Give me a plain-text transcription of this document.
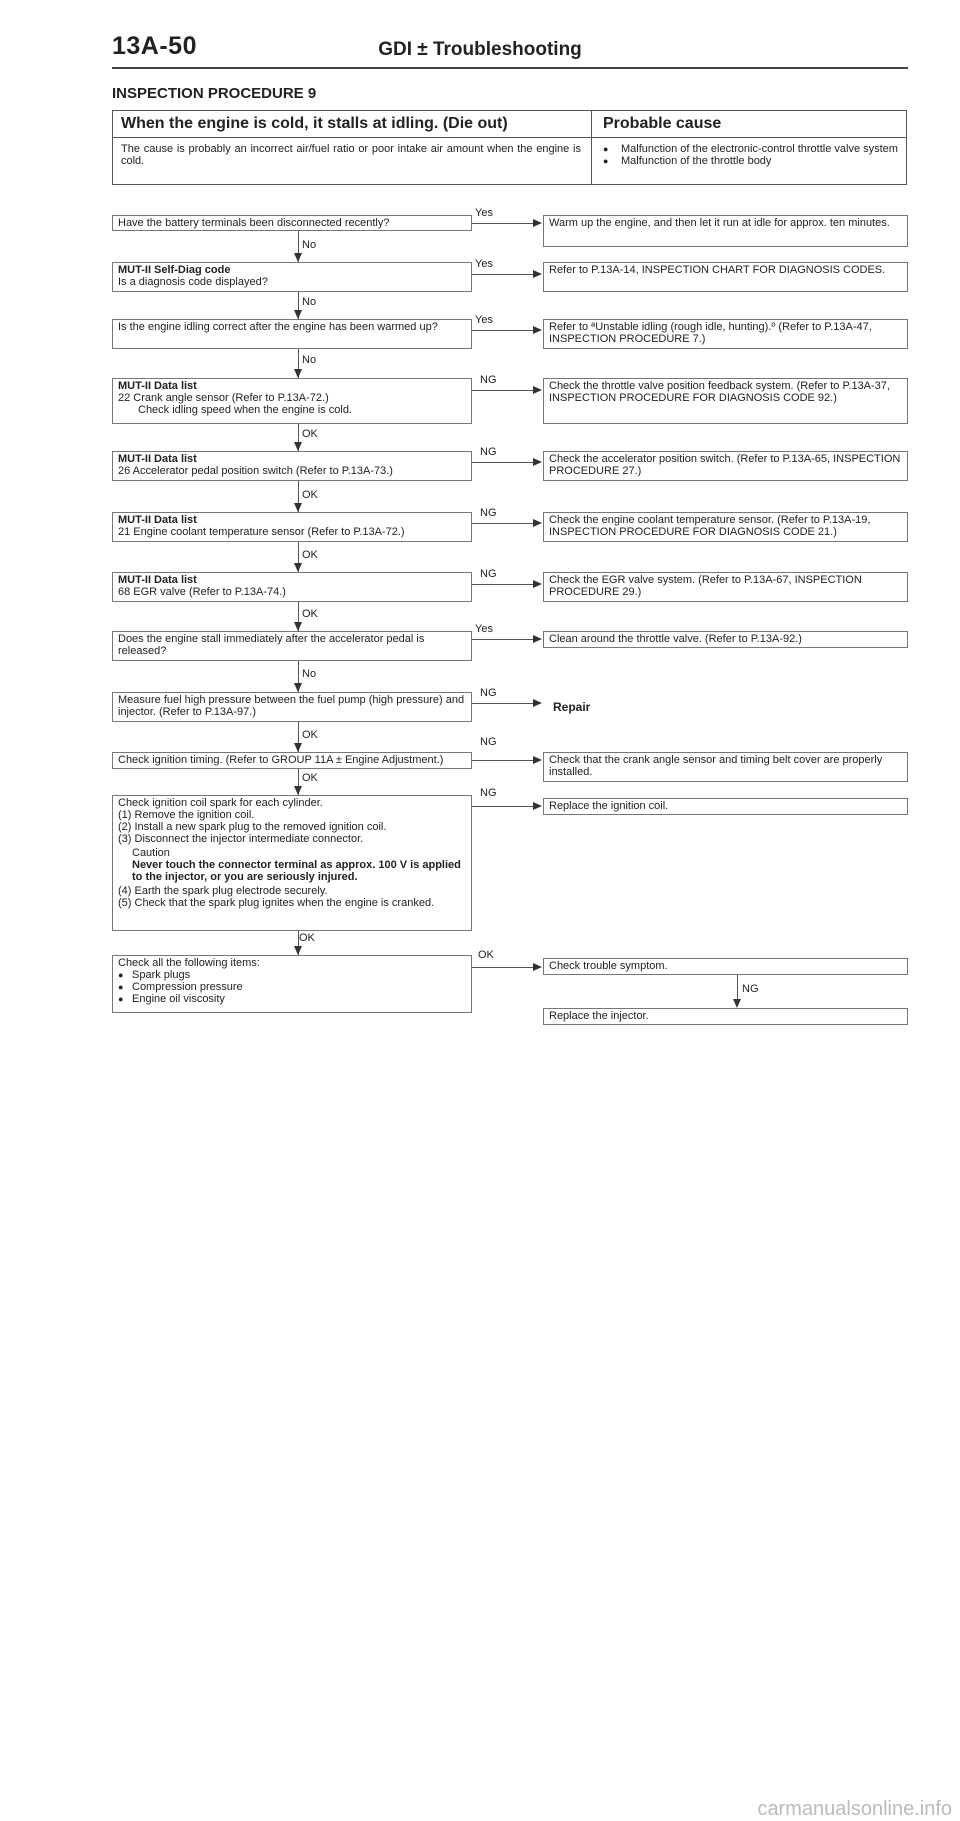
13A-50	GDI ± Troubleshooting
INSPECTION PROCEDURE 9
When the engine is cold, it stalls at idling. (Die out)	Probable cause
The cause is probably an incorrect air/fuel ratio or poor intake air amount when the engine is cold.
● Malfunction of the electronic-control throttle valve system
● Malfunction of the throttle body
Have the battery terminals been disconnected recently?
Yes
Warm up the engine, and then let it run at idle for approx. ten minutes.
No
MUT-II Self-Diag code
Is a diagnosis code displayed?
Yes	Refer to P.13A-14, INSPECTION CHART FOR DIAGNOSIS CODES.
No
Is the engine idling correct after the engine has been warmed up?
Yes
Refer to ªUnstable idling (rough idle, hunting).º (Refer to P.13A-47, INSPECTION PROCEDURE 7.)
No
MUT-II Data list
22 Crank angle sensor (Refer to P.13A-72.)
Check idling speed when the engine is cold.
NG	Check the throttle valve position feedback system. (Refer to P.13A-37, INSPECTION PROCEDURE FOR DIAGNOSIS CODE 92.)
OK
MUT-II Data list
26 Accelerator pedal position switch (Refer to P.13A-73.)
NG
Check the accelerator position switch. (Refer to P.13A-65, INSPECTION PROCEDURE 27.)
OK
MUT-II Data list
21 Engine coolant temperature sensor (Refer to P.13A-72.)
NG
Check the engine coolant temperature sensor. (Refer to P.13A-19, INSPECTION PROCEDURE FOR DIAGNOSIS CODE 21.)
OK
MUT-II Data list
68 EGR valve (Refer to P.13A-74.)
NG	Check the EGR valve system. (Refer to P.13A-67, INSPECTION PROCEDURE 29.)
OK
Does the engine stall immediately after the accelerator pedal is released?
Yes
Clean around the throttle valve. (Refer to P.13A-92.)
No
Measure fuel high pressure between the fuel pump (high pressure) and injector. (Refer to P.13A-97.)
NG
Repair
OK
Check ignition timing. (Refer to GROUP 11A ± Engine Adjustment.)
NG
Check that the crank angle sensor and timing belt cover are properly installed.
OK
Check ignition coil spark for each cylinder.
(1) Remove the ignition coil.
(2) Install a new spark plug to the removed ignition coil.
(3) Disconnect the injector intermediate connector.
Caution
Never touch the connector terminal as approx. 100 V is applied to the injector, or you are seriously injured.
(4) Earth the spark plug electrode securely.
(5) Check that the spark plug ignites when the engine is cranked.
NG
Replace the ignition coil.
OK
Check all the following items:
● Spark plugs
● Compression pressure
● Engine oil viscosity
OK
Check trouble symptom.
NG
Replace the injector.
carmanualsonline.info
